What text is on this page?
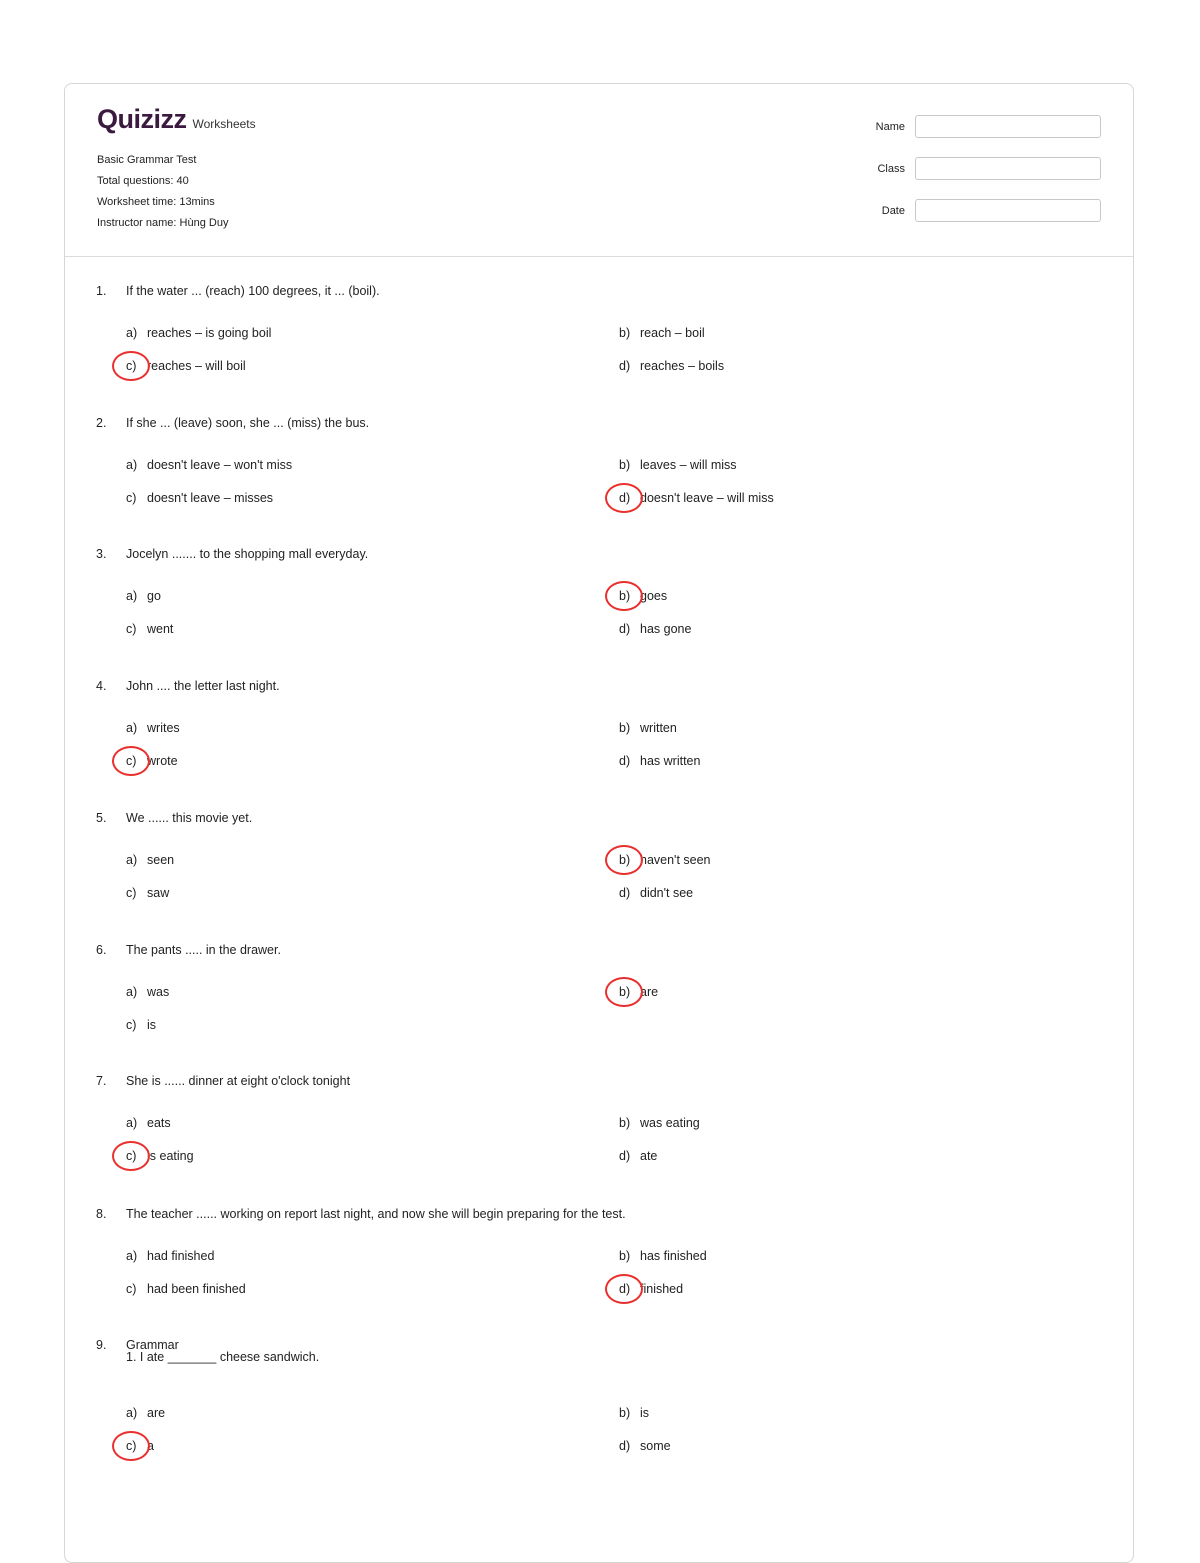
Quizizz Worksheets
Basic Grammar Test
Total questions: 40
Worksheet time: 13mins
Instructor name: Hùng Duy
Name
Class
Date
1.	If the water ... (reach) 100 degrees, it ... (boil).
a) reaches – is going boil	b) reach – boil
c) reaches – will boil	d) reaches – boils
2.	If she ... (leave) soon, she ... (miss) the bus.
a) doesn't leave – won't miss	b) leaves – will miss
c) doesn't leave – misses	d) doesn't leave – will miss
3.	Jocelyn ....... to the shopping mall everyday.
a) go	b) goes
c) went	d) has gone
4.	John .... the letter last night.
a) writes	b) written
c) wrote	d) has written
5.	We ...... this movie yet.
a) seen	b) haven't seen
c) saw	d) didn't see
6.	The pants ..... in the drawer.
a) was	b) are
c) is
7.	She is ...... dinner at eight o'clock tonight
a) eats	b) was eating
c) is eating	d) ate
8.	The teacher ...... working on report last night, and now she will begin preparing for the test.
a) had finished	b) has finished
c) had been finished	d) finished
9.	Grammar
1. I ate _______ cheese sandwich.
a) are	b) is
c) a	d) some
